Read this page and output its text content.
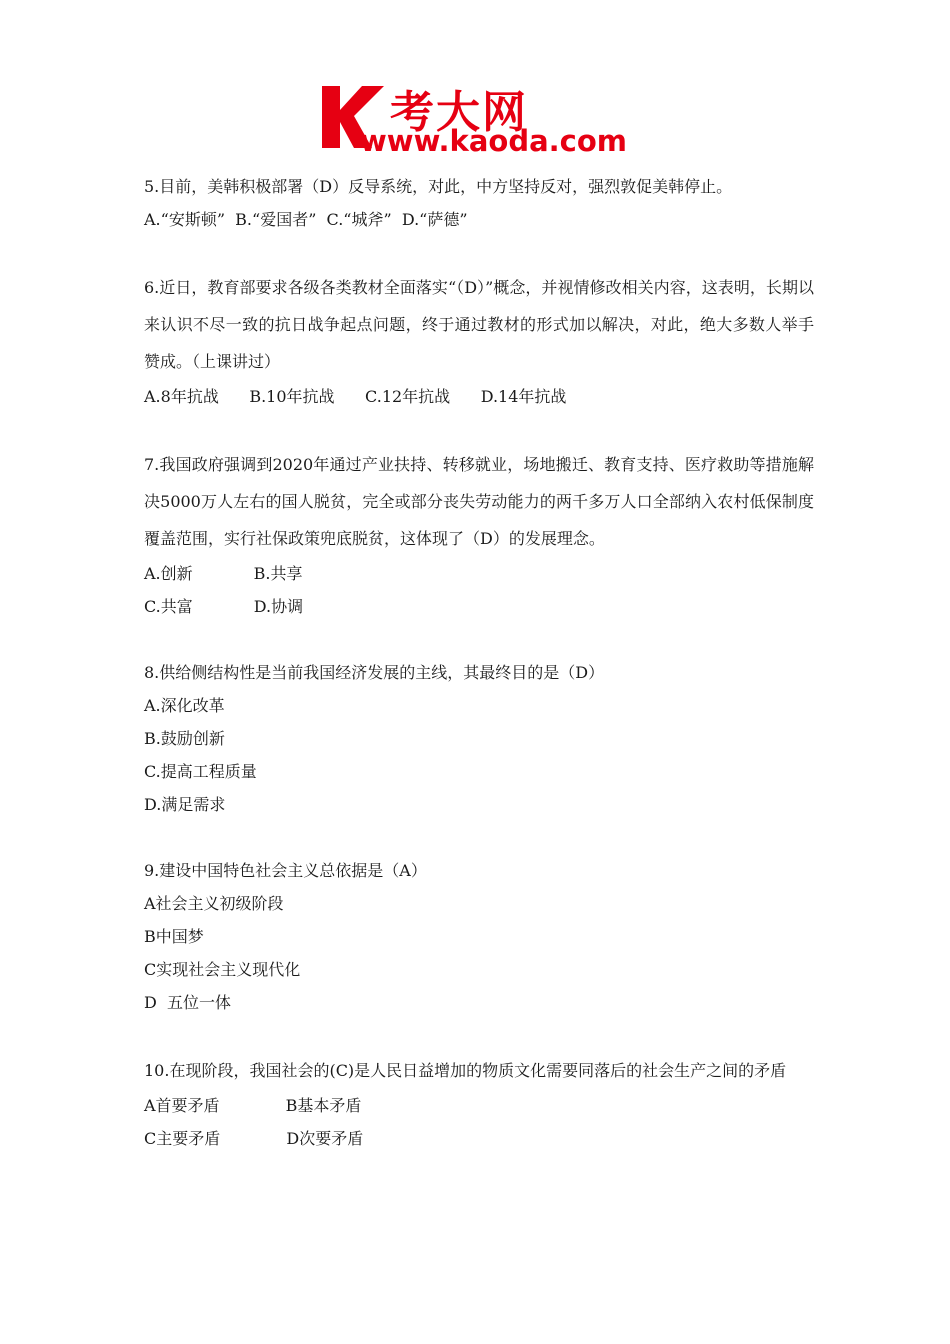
考大网
www.kaoda.com
5.目前，美韩积极部署（D）反导系统，对此，中方坚持反对，强烈敦促美韩停止。
A.“安斯顿”  B.“爱国者”  C.“城斧”  D.“萨德”
6.近日，教育部要求各级各类教材全面落实“（D）”概念，并视情修改相关内容，这表明，长期以来认识不尽一致的抗日战争起点问题，终于通过教材的形式加以解决，对此，绝大多数人举手赞成。（上课讲过）
A.8年抗战      B.10年抗战      C.12年抗战      D.14年抗战
7.我国政府强调到2020年通过产业扶持、转移就业，场地搬迁、教育支持、医疗救助等措施解决5000万人左右的国人脱贫，完全或部分丧失劳动能力的两千多万人口全部纳入农村低保制度覆盖范围，实行社保政策兜底脱贫，这体现了（D）的发展理念。
A.创新            B.共享
C.共富            D.协调
8.供给侧结构性是当前我国经济发展的主线，其最终目的是（D）
A.深化改革
B.鼓励创新
C.提高工程质量
D.满足需求
9.建设中国特色社会主义总依据是（A）
A社会主义初级阶段
B中国梦
C实现社会主义现代化
D  五位一体
10.在现阶段，我国社会的(C)是人民日益增加的物质文化需要同落后的社会生产之间的矛盾
A首要矛盾             B基本矛盾
C主要矛盾             D次要矛盾
